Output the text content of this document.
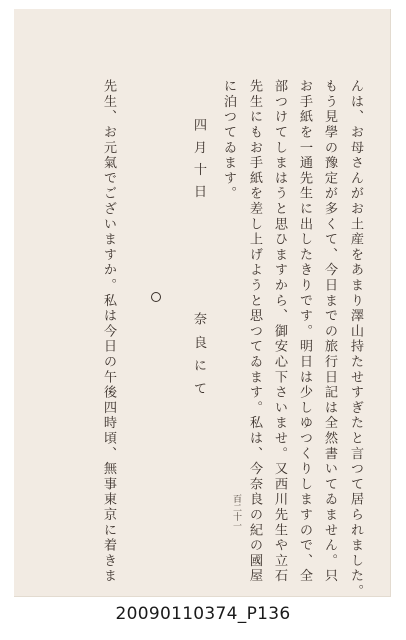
んは、お母さんがお土産をあまり澤山持たせすぎたと言つて居られました。
もう見學の豫定が多くて、今日までの旅行日記は全然書いてゐません。只
お手紙を一通先生に出したきりです。明日は少しゆつくりしますので、全
部つけてしまはうと思ひますから、御安心下さいませ。又西川先生や立石
先生にもお手紙を差し上げようと思つてゐます。私は、今奈良の紀の國屋
に泊つてゐます。
四月十日
奈良にて
先生、お元氣でございますか。私は今日の午後四時頃、無事東京に着きま	百二十一
20090110374_P136
